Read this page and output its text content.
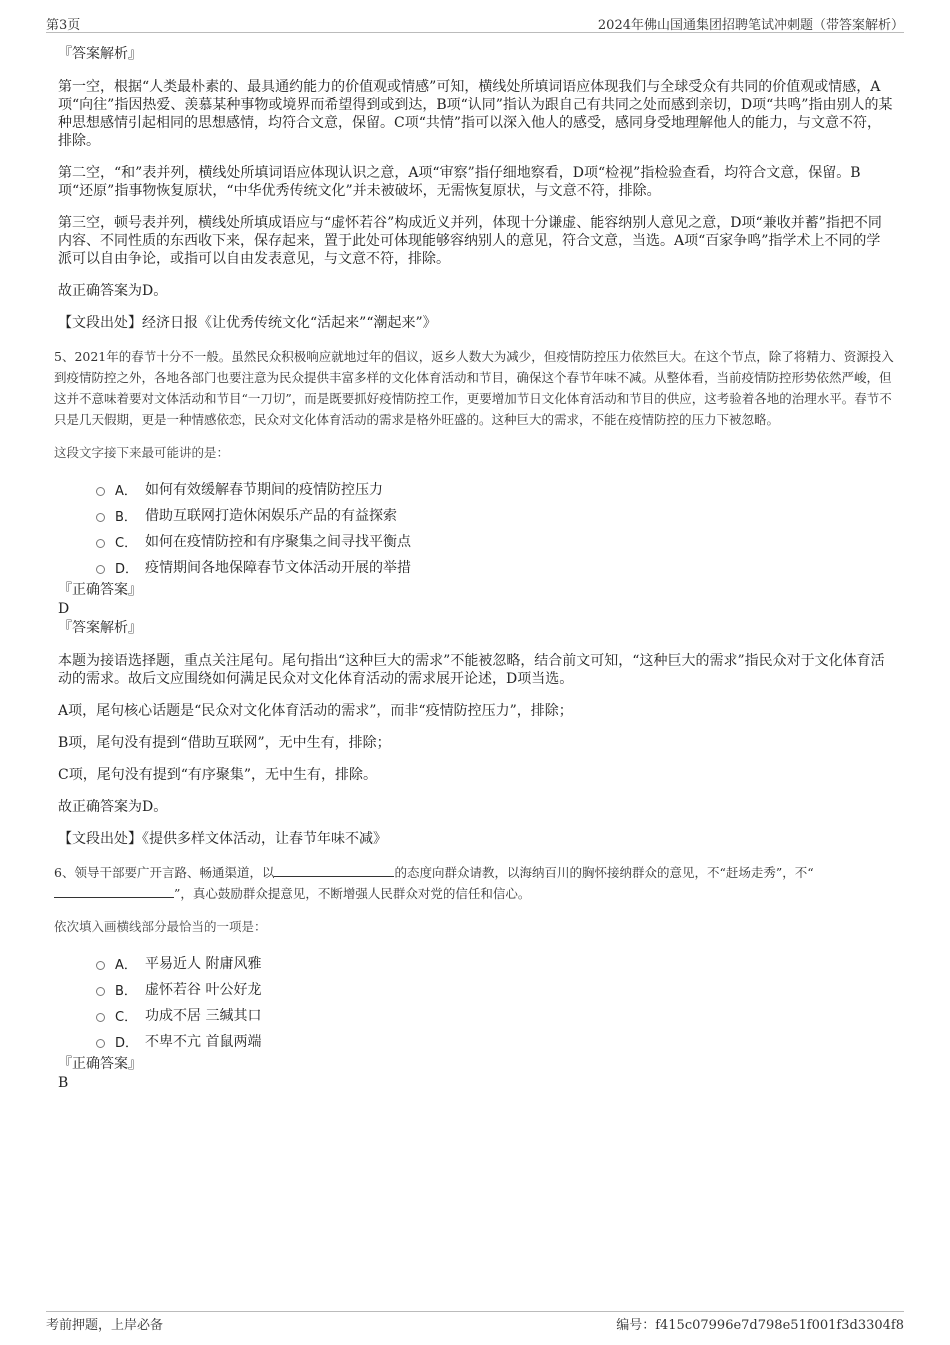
第3页	2024年佛山国通集团招聘笔试冲刺题（带答案解析）
『答案解析』
第一空，根据“人类最朴素的、最具通约能力的价值观或情感”可知，横线处所填词语应体现我们与全球受众有共同的价值观或情感，A项“向往”指因热爱、羡慕某种事物或境界而希望得到或到达，B项“认同”指认为跟自己有共同之处而感到亲切，D项“共鸣”指由别人的某种思想感情引起相同的思想感情，均符合文意，保留。C项“共情”指可以深入他人的感受，感同身受地理解他人的能力，与文意不符，排除。
第二空，“和”表并列，横线处所填词语应体现认识之意，A项“审察”指仔细地察看，D项“检视”指检验查看，均符合文意，保留。B项“还原”指事物恢复原状，“中华优秀传统文化”并未被破坏，无需恢复原状，与文意不符，排除。
第三空，顿号表并列，横线处所填成语应与“虚怀若谷”构成近义并列，体现十分谦虚、能容纳别人意见之意，D项“兼收并蓄”指把不同内容、不同性质的东西收下来，保存起来，置于此处可体现能够容纳别人的意见，符合文意，当选。A项“百家争鸣”指学术上不同的学派可以自由争论，或指可以自由发表意见，与文意不符，排除。
故正确答案为D。
【文段出处】经济日报《让优秀传统文化“活起来”“潮起来”》
5、2021年的春节十分不一般。虽然民众积极响应就地过年的倡议，返乡人数大为减少，但疫情防控压力依然巨大。在这个节点，除了将精力、资源投入到疫情防控之外，各地各部门也要注意为民众提供丰富多样的文化体育活动和节目，确保这个春节年味不减。从整体看，当前疫情防控形势依然严峻，但这并不意味着要对文体活动和节目“一刀切”，而是既要抓好疫情防控工作，更要增加节日文化体育活动和节目的供应，这考验着各地的治理水平。春节不只是几天假期，更是一种情感依恋，民众对文化体育活动的需求是格外旺盛的。这种巨大的需求，不能在疫情防控的压力下被忽略。
这段文字接下来最可能讲的是：
A． 如何有效缓解春节期间的疫情防控压力
B． 借助互联网打造休闲娱乐产品的有益探索
C． 如何在疫情防控和有序聚集之间寻找平衡点
D． 疫情期间各地保障春节文体活动开展的举措
『正确答案』
D
『答案解析』
本题为接语选择题，重点关注尾句。尾句指出“这种巨大的需求”不能被忽略，结合前文可知，“这种巨大的需求”指民众对于文化体育活动的需求。故后文应围绕如何满足民众对文化体育活动的需求展开论述，D项当选。
A项，尾句核心话题是“民众对文化体育活动的需求”，而非“疫情防控压力”，排除；
B项，尾句没有提到“借助互联网”，无中生有，排除；
C项，尾句没有提到“有序聚集”，无中生有，排除。
故正确答案为D。
【文段出处】《提供多样文体活动，让春节年味不减》
6、领导干部要广开言路、畅通渠道，以	的态度向群众请教，以海纳百川的胸怀接纳群众的意见，不“赶场走秀”，不“”，真心鼓励群众提意见，不断增强人民群众对党的信任和信心。
依次填入画横线部分最恰当的一项是：
A． 平易近人 附庸风雅
B． 虚怀若谷 叶公好龙
C． 功成不居 三缄其口
D． 不卑不亢 首鼠两端
『正确答案』
B
考前押题，上岸必备	编号：f415c07996e7d798e51f001f3d3304f8
